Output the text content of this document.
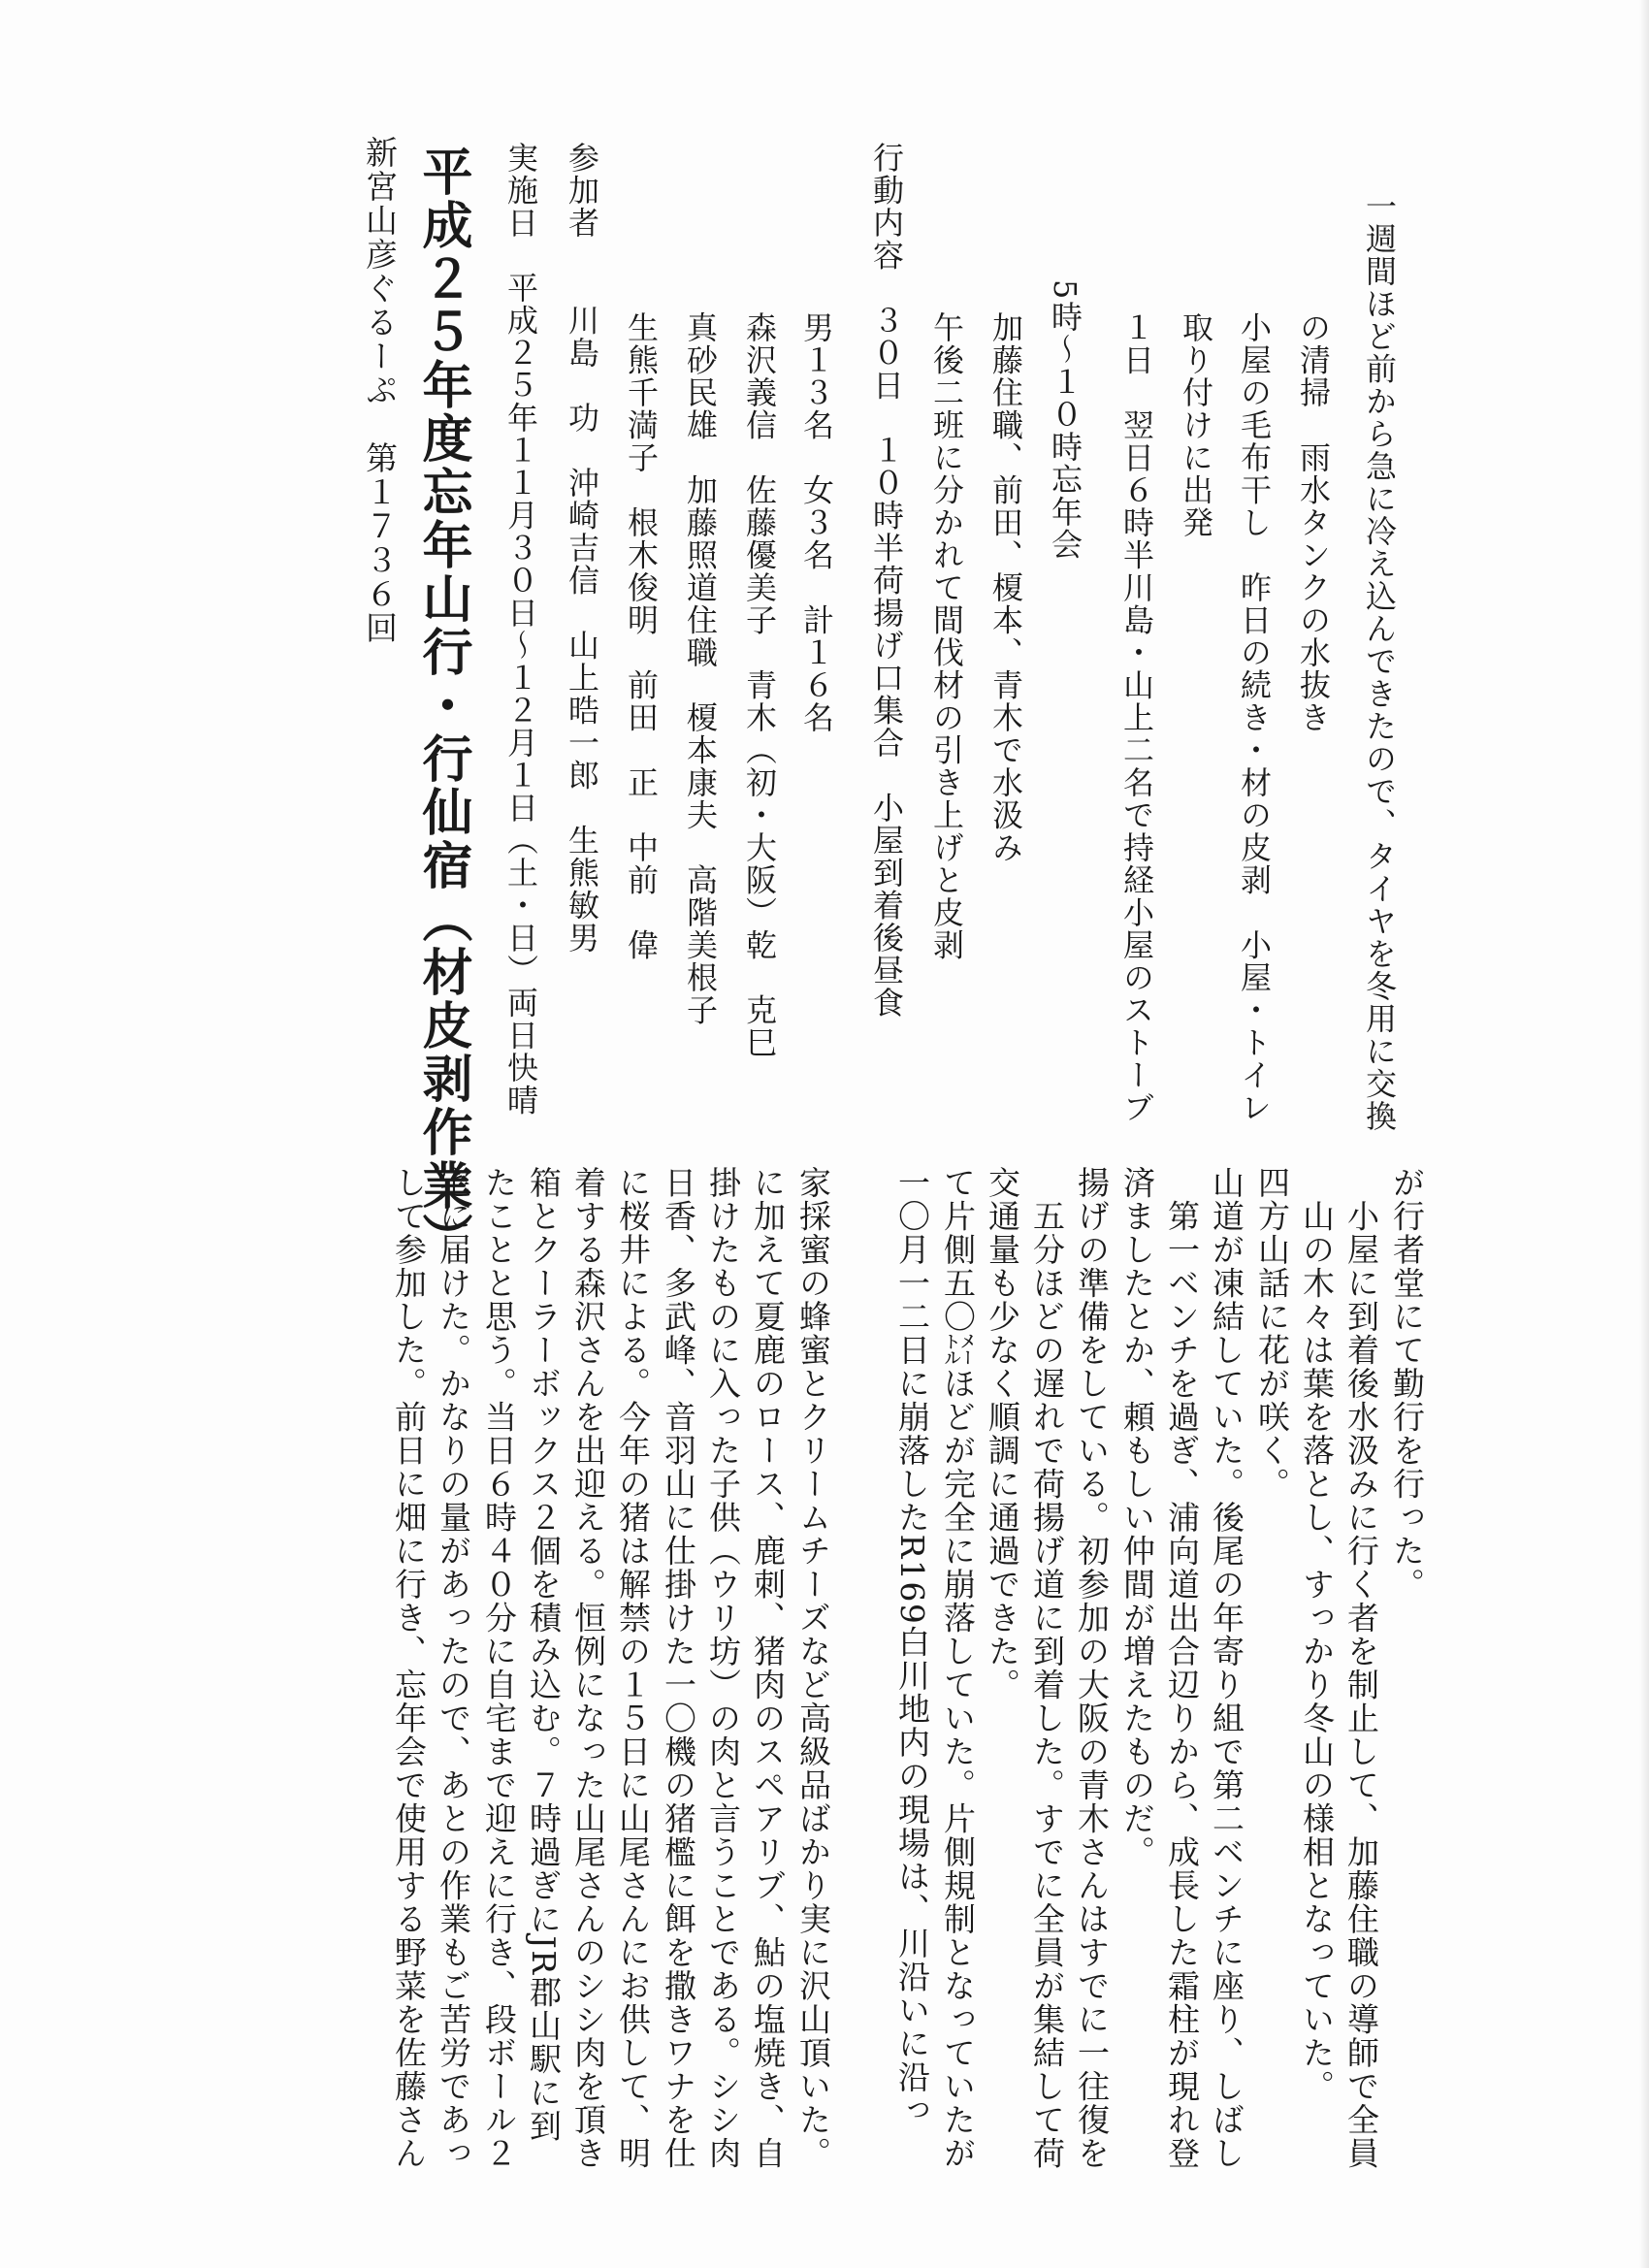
新宮山彦ぐるーぷ　第１７３６回 平成２５年度忘年山行・行仙宿（材皮剥作業） 実施日　平成２５年１１月３０日～１２月１日（土・日）両日快晴 参加者　　川島　功　沖崎吉信　山上晧一郎　生熊敏男 生熊千満子　根木俊明　前田　正　中前　偉 真砂民雄　加藤照道住職　榎本康夫　高階美根子 森沢義信　佐藤優美子　青木（初・大阪）乾　克巳 男１３名　女３名　計１６名 行動内容　３０日　１０時半荷揚げ口集合　小屋到着後昼食 午後二班に分かれて間伐材の引き上げと皮剥 加藤住職、前田、榎本、青木で水汲み 5時～１０時忘年会 １日　翌日６時半川島・山上二名で持経小屋のストーブ 取り付けに出発 小屋の毛布干し　昨日の続き・材の皮剥　小屋・トイレ の清掃　雨水タンクの水抜き 一週間ほど前から急に冷え込んできたので、タイヤを冬用に交換
して参加した。前日に畑に行き、忘年会で使用する野菜を佐藤さん 宅に届けた。かなりの量があったので、あとの作業もご苦労であっ たことと思う。当日６時４０分に自宅まで迎えに行き、段ボール２ 箱とクーラーボックス２個を積み込む。７時過ぎにJR郡山駅に到 着する森沢さんを出迎える。恒例になった山尾さんのシシ肉を頂き に桜井による。今年の猪は解禁の１５日に山尾さんにお供して、明 日香、多武峰、音羽山に仕掛けた一〇機の猪檻に餌を撒きワナを仕 掛けたものに入った子供（ウリ坊）の肉と言うことである。シシ肉 に加えて夏鹿のロース、鹿刺、猪肉のスペアリブ、鮎の塩焼き、自 家採蜜の蜂蜜とクリームチーズなど高級品ばかり実に沢山頂いた。 一〇月一二日に崩落したR169白川地内の現場は、川沿いに沿っ て片側五〇㍍ほどが完全に崩落していた。片側規制となっていたが 交通量も少なく順調に通過できた。 　五分ほどの遅れで荷揚げ道に到着した。すでに全員が集結して荷 揚げの準備をしている。初参加の大阪の青木さんはすでに一往復を 済ましたとか、頼もしい仲間が増えたものだ。 　第一ベンチを過ぎ、浦向道出合辺りから、成長した霜柱が現れ登 山道が凍結していた。後尾の年寄り組で第二ベンチに座り、しばし 四方山話に花が咲く。 　山の木々は葉を落とし、すっかり冬山の様相となっていた。 　小屋に到着後水汲みに行く者を制止して、加藤住職の導師で全員 が行者堂にて勤行を行った。
